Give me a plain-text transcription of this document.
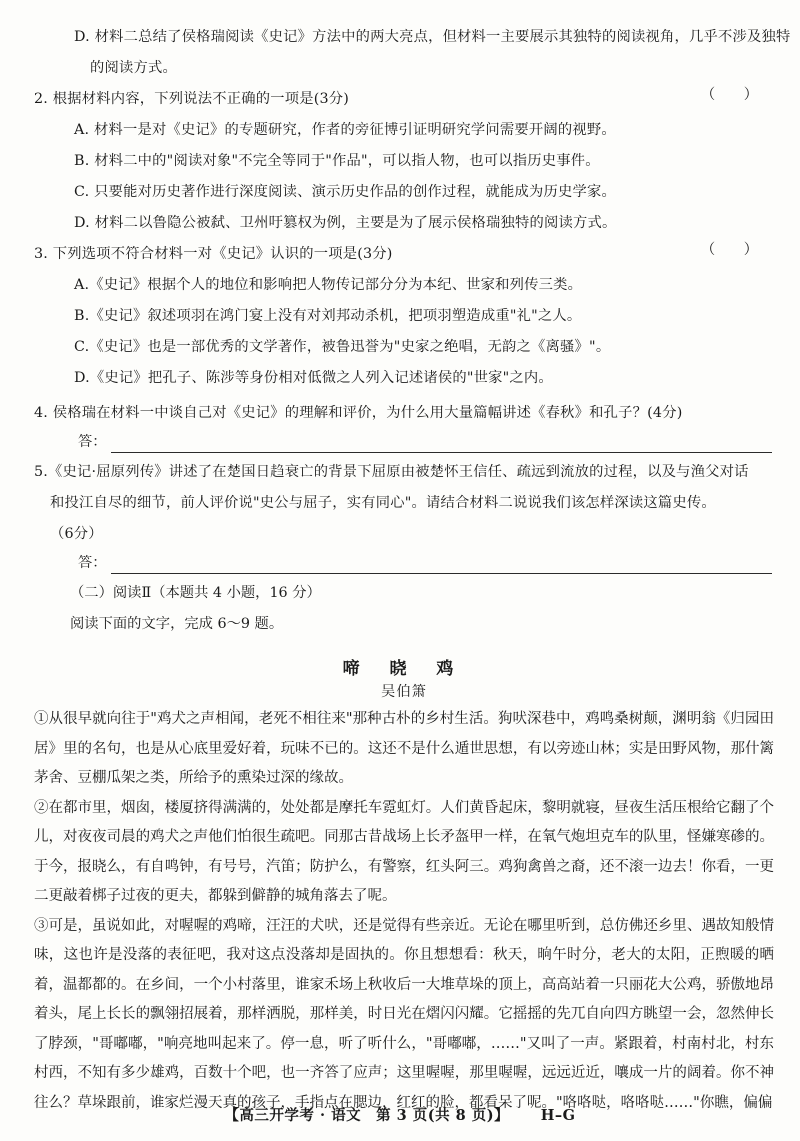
D. 材料二总结了侯格瑞阅读《史记》方法中的两大亮点，但材料一主要展示其独特的阅读视角，几乎不涉及独特
的阅读方式。
2. 根据材料内容，下列说法不正确的一项是(3分)	（　　）
A. 材料一是对《史记》的专题研究，作者的旁征博引证明研究学问需要开阔的视野。
B. 材料二中的"阅读对象"不完全等同于"作品"，可以指人物，也可以指历史事件。
C. 只要能对历史著作进行深度阅读、演示历史作品的创作过程，就能成为历史学家。
D. 材料二以鲁隐公被弑、卫州吁篡权为例，主要是为了展示侯格瑞独特的阅读方式。
3. 下列选项不符合材料一对《史记》认识的一项是(3分)	（　　）
A.《史记》根据个人的地位和影响把人物传记部分分为本纪、世家和列传三类。
B.《史记》叙述项羽在鸿门宴上没有对刘邦动杀机，把项羽塑造成重"礼"之人。
C.《史记》也是一部优秀的文学著作，被鲁迅誉为"史家之绝唱，无韵之《离骚》"。
D.《史记》把孔子、陈涉等身份相对低微之人列入记述诸侯的"世家"之内。
4. 侯格瑞在材料一中谈自己对《史记》的理解和评价，为什么用大量篇幅讲述《春秋》和孔子？(4分)
答：
5.《史记·屈原列传》讲述了在楚国日趋衰亡的背景下屈原由被楚怀王信任、疏远到流放的过程，以及与渔父对话
和投江自尽的细节，前人评价说"史公与屈子，实有同心"。请结合材料二说说我们该怎样深读这篇史传。
（6分）
答：
（二）阅读Ⅱ（本题共 4 小题，16 分）
阅读下面的文字，完成 6～9 题。
啼 晓 鸡
吴伯箫
①从很早就向往于"鸡犬之声相闻，老死不相往来"那种古朴的乡村生活。狗吠深巷中，鸡鸣桑树颠，渊明翁《归园田居》里的名句，也是从心底里爱好着，玩味不已的。这还不是什么遁世思想，有以旁迹山林；实是田野风物，那什篱茅舍、豆棚瓜架之类，所给予的熏染过深的缘故。
②在都市里，烟囱，楼厦挤得满满的，处处都是摩托车霓虹灯。人们黄昏起床，黎明就寝，昼夜生活压根给它翻了个儿，对夜夜司晨的鸡犬之声他们怕很生疏吧。同那古昔战场上长矛盔甲一样，在氧气炮坦克车的队里，怪嫌寒碜的。于今，报晓么，有自鸣钟，有号号，汽笛；防护么，有警察，红头阿三。鸡狗禽兽之裔，还不滚一边去！你看，一更二更敲着梆子过夜的更夫，都躲到僻静的城角落去了呢。
③可是，虽说如此，对喔喔的鸡啼，汪汪的犬吠，还是觉得有些亲近。无论在哪里听到，总仿佛还乡里、遇故知般情味，这也许是没落的表征吧，我对这点没落却是固执的。你且想想看：秋天，晌午时分，老大的太阳，正煦暖的晒着，温都都的。在乡间，一个小村落里，谁家禾场上秋收后一大堆草垛的顶上，高高站着一只丽花大公鸡，骄傲地昂着头，尾上长长的飘翎招展着，那样洒脱，那样美，时日光在熠闪闪耀。它摇摇的先兀自向四方眺望一会，忽然伸长了脖颈，"哥嘟嘟，"响亮地叫起来了。停一息，听了听什么，"哥嘟嘟，……"又叫了一声。紧跟着，村南村北，村东村西，不知有多少雄鸡，百数十个吧，也一齐答了应声；这里喔喔，那里喔喔，远远近近，嚷成一片的阔着。你不神往么？草垛跟前，谁家烂漫天真的孩子，手指点在腮边，红红的脸，都看呆了呢。"咯咯哒，咯咯哒……"你瞧，偏偏
【高三开学考 · 语文　第 3 页(共 8 页)】 H–G
